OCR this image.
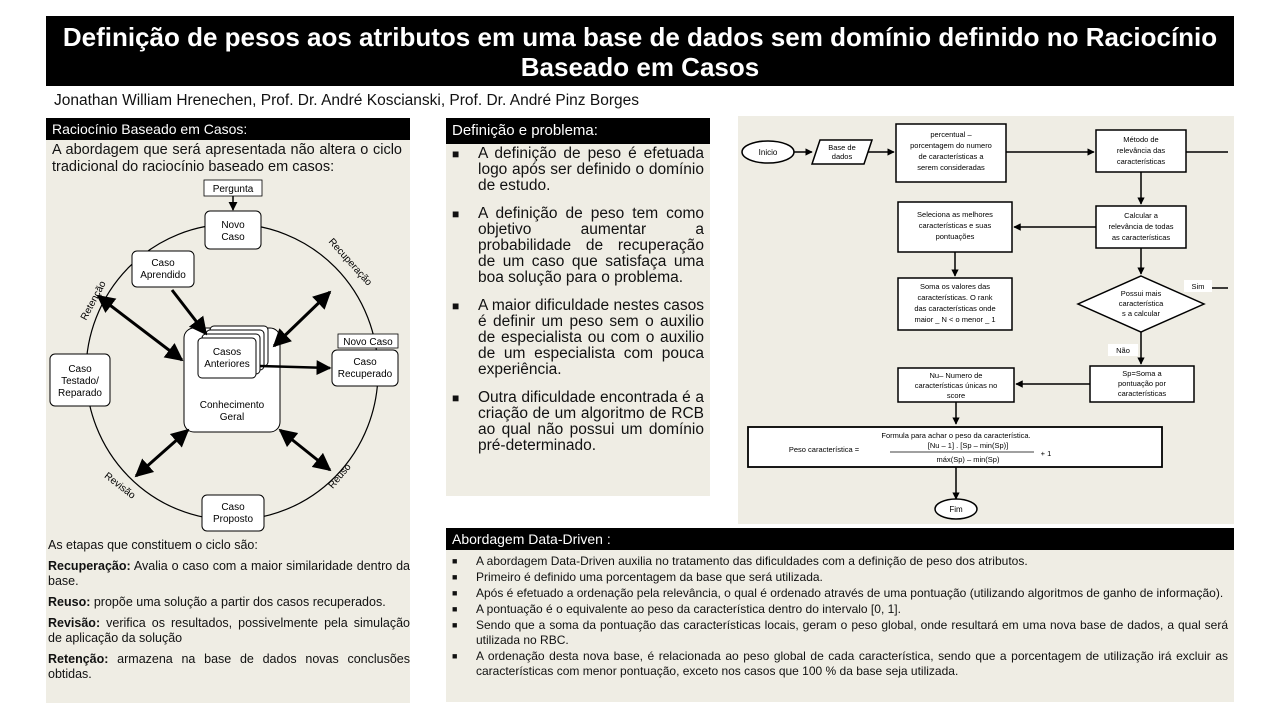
Definição de pesos aos atributos em uma base de dados sem domínio definido no Raciocínio Baseado em Casos
Jonathan William Hrenechen, Prof. Dr. André Koscianski, Prof. Dr. André Pinz Borges
Raciocínio Baseado em Casos:
A abordagem que será apresentada não altera o ciclo tradicional do raciocínio baseado em casos:
Pergunta
Novo
Caso
Caso
Aprendido
Casos
Anteriores
Conhecimento
Geral
Novo Caso
Caso
Recuperado
Caso
Testado/
Reparado
Caso
Proposto
Recuperação
Retenção
Revisão	Reuso

As etapas que constituem o ciclo são:

Recuperação: Avalia o caso com a maior similaridade dentro da base.

Reuso: propõe uma solução a partir dos casos recuperados.

Revisão: verifica os resultados, possivelmente pela simulação de aplicação da solução

Retenção: armazena na base de dados novas conclusões obtidas.

Definição e problema:
■ A definição de peso é efetuada logo após ser definido o domínio de estudo.
■ A definição de peso tem como objetivo aumentar a probabilidade de recuperação de um caso que satisfaça uma boa solução para o problema.
■ A maior dificuldade nestes casos é definir um peso sem o auxilio de especialista ou com o auxilio de um especialista com pouca experiência.
■ Outra dificuldade encontrada é a criação de um algoritmo de RCB ao qual não possui um domínio pré-determinado.
Inicio
Base de
dados
percentual –
porcentagem do numero
de características a
serem consideradas
Método de
relevância das
características
Calcular a
relevância de todas
as características
Seleciona as melhores
características e suas
pontuações
Soma os valores das
características. O rank
das características onde
maior _ N < o menor _ 1
Possui mais
característica
s a calcular
Sim
Não
Sp=Soma a
pontuação por
características
Nu– Numero de
características únicas no
score
Formula para achar o peso da característica.
Peso característica =	[Nu – 1] . [Sp – min(Sp)]
máx(Sp) – min(Sp)
+ 1
Fim
Abordagem Data-Driven :
■ A abordagem Data-Driven auxilia no tratamento das dificuldades com a definição de peso dos atributos.
■ Primeiro é definido uma porcentagem da base que será utilizada.
■ Após é efetuado a ordenação pela relevância, o qual é ordenado através de uma pontuação (utilizando algoritmos de ganho de informação).
■ A pontuação é o equivalente ao peso da característica dentro do intervalo [0, 1].
■ Sendo que a soma da pontuação das características locais, geram o peso global, onde resultará em uma nova base de dados, a qual será utilizada no RBC.
■ A ordenação desta nova base, é relacionada ao peso global de cada característica, sendo que a porcentagem de utilização irá excluir as características com menor pontuação, exceto nos casos que 100 % da base seja utilizada.
